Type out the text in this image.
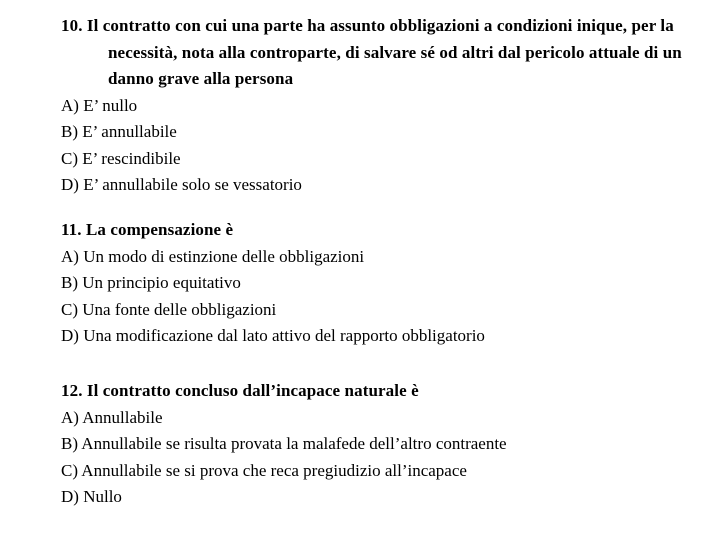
10. Il contratto con cui una parte ha assunto obbligazioni a condizioni inique, per la necessità, nota alla controparte, di salvare sé od altri dal pericolo attuale di un danno grave alla persona
A) E’ nullo
B) E’ annullabile
C) E’ rescindibile
D) E’ annullabile solo se vessatorio
11. La compensazione è
A) Un modo di estinzione delle obbligazioni
B) Un principio equitativo
C) Una fonte delle obbligazioni
D) Una modificazione dal lato attivo del rapporto obbligatorio
12. Il contratto concluso dall’incapace naturale è
A) Annullabile
B) Annullabile se risulta provata la malafede dell’altro contraente
C) Annullabile se si prova che reca pregiudizio all’incapace
D) Nullo
